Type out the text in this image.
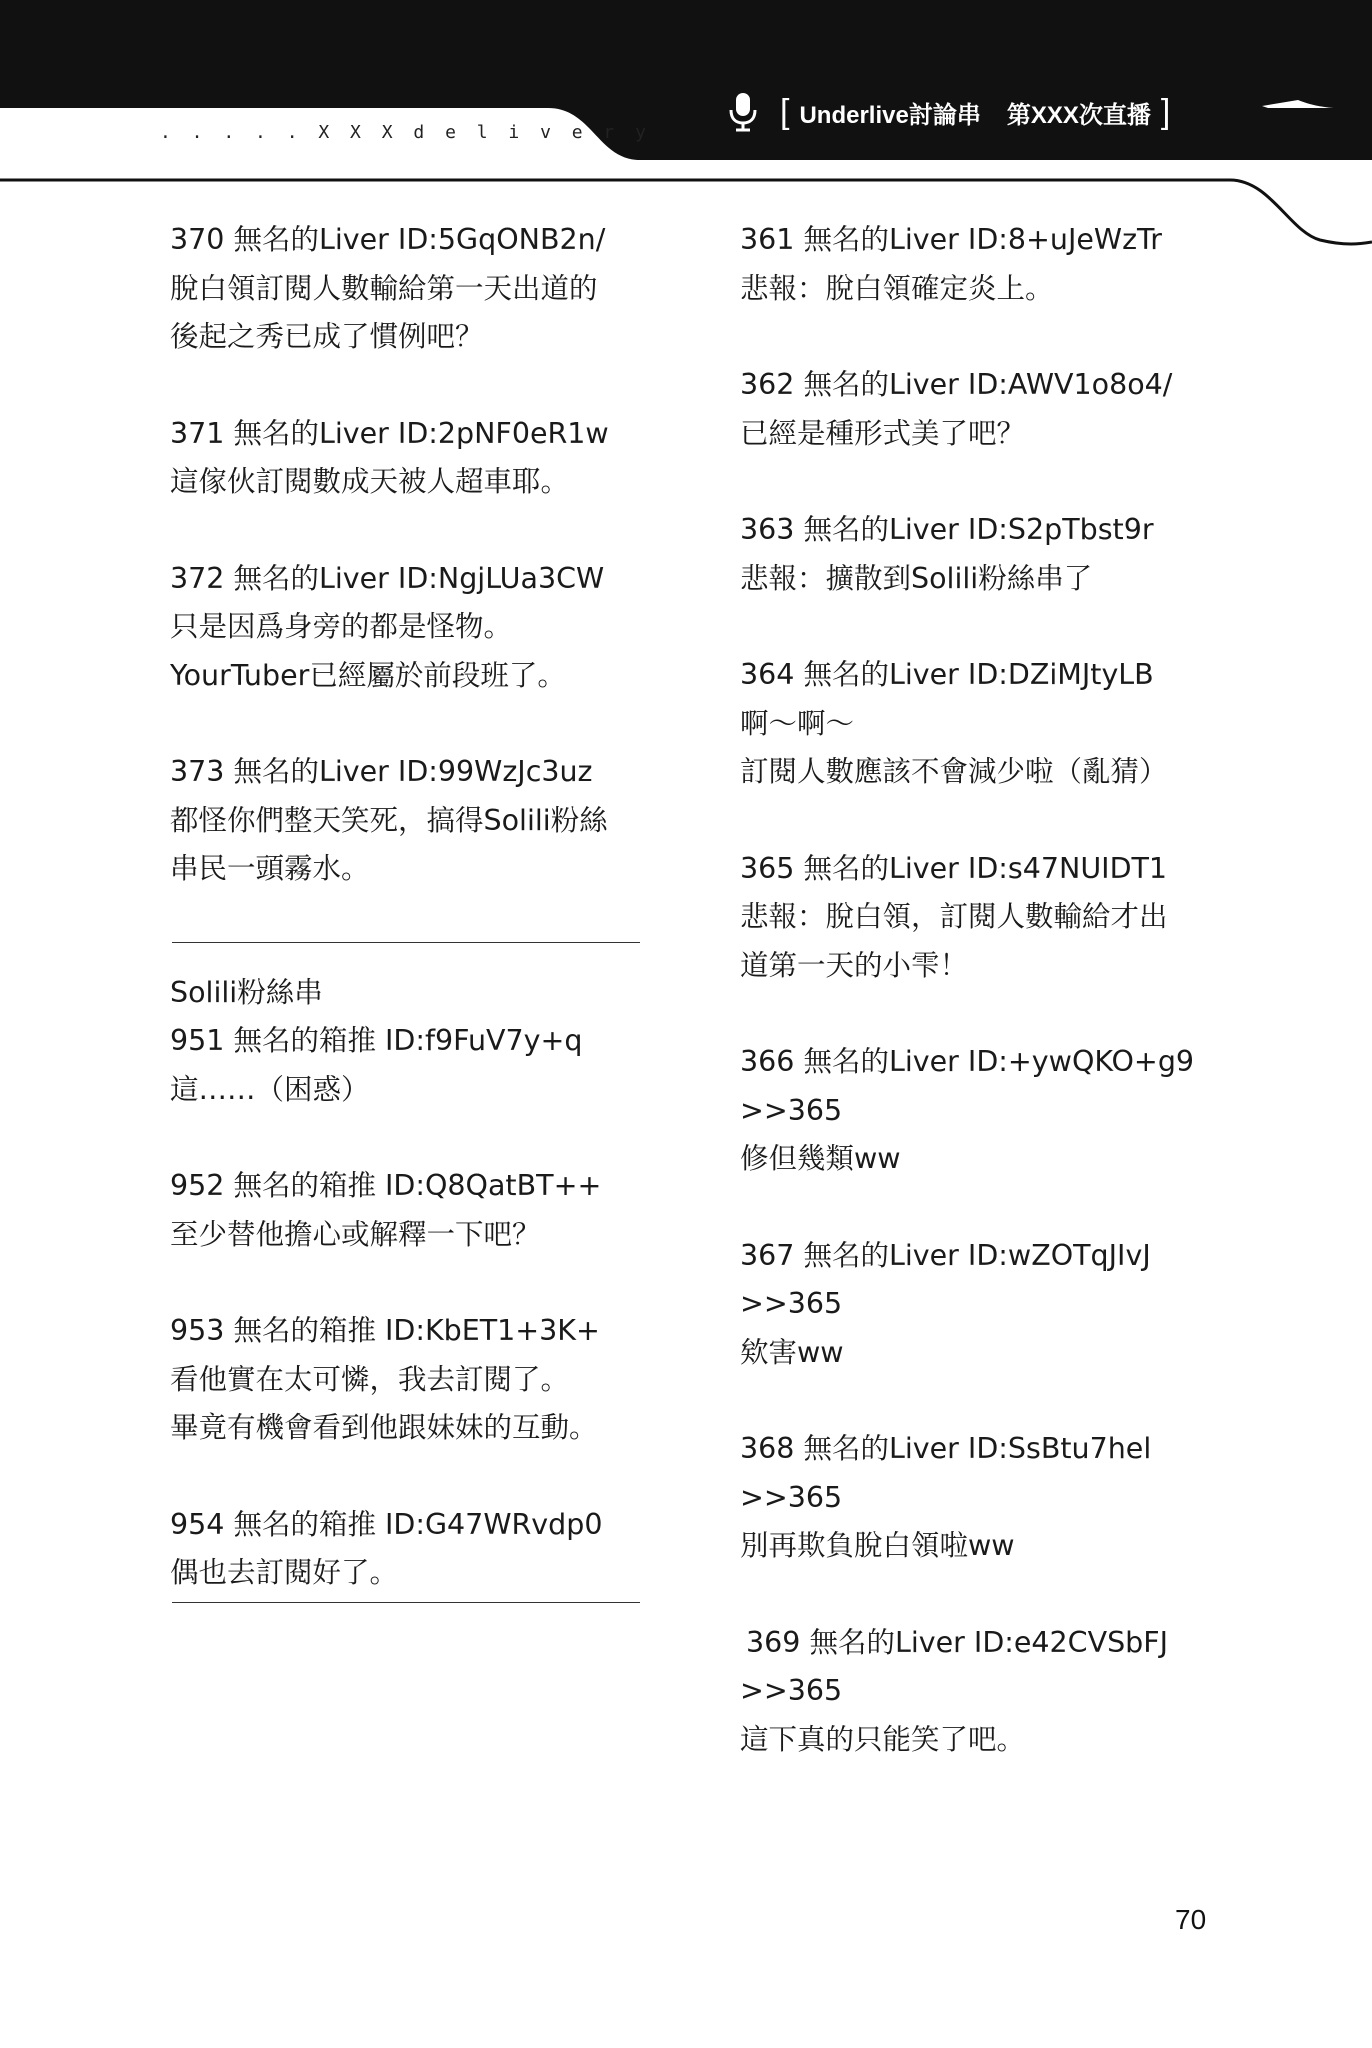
. . . . . X X X d e l i v e r y
[ Underlive討論串 第XXX次直播 ]
370 無名的Liver ID:5GqONB2n/
脫白領訂閱人數輸給第一天出道的
後起之秀已成了慣例吧？
371 無名的Liver ID:2pNF0eR1w
這傢伙訂閱數成天被人超車耶。
372 無名的Liver ID:NgjLUa3CW
只是因爲身旁的都是怪物。
YourTuber已經屬於前段班了。
373 無名的Liver ID:99WzJc3uz
都怪你們整天笑死，搞得Solili粉絲
串民一頭霧水。
Solili粉絲串
951 無名的箱推 ID:f9FuV7y+q
這……（困惑）
952 無名的箱推 ID:Q8QatBT++
至少替他擔心或解釋一下吧？
953 無名的箱推 ID:KbET1+3K+
看他實在太可憐，我去訂閱了。
畢竟有機會看到他跟妹妹的互動。
954 無名的箱推 ID:G47WRvdp0
偶也去訂閱好了。
361 無名的Liver ID:8+uJeWzTr
悲報：脫白領確定炎上。
362 無名的Liver ID:AWV1o8o4/
已經是種形式美了吧？
363 無名的Liver ID:S2pTbst9r
悲報：擴散到Solili粉絲串了
364 無名的Liver ID:DZiMJtyLB
啊～啊～
訂閱人數應該不會減少啦（亂猜）
365 無名的Liver ID:s47NUIDT1
悲報：脫白領，訂閱人數輸給才出
道第一天的小雫！
366 無名的Liver ID:+ywQKO+g9
>>365
修但幾類ww
367 無名的Liver ID:wZOTqJIvJ
>>365
欸害ww
368 無名的Liver ID:SsBtu7hel
>>365
別再欺負脫白領啦ww
369 無名的Liver ID:e42CVSbFJ
>>365
這下真的只能笑了吧。
70
